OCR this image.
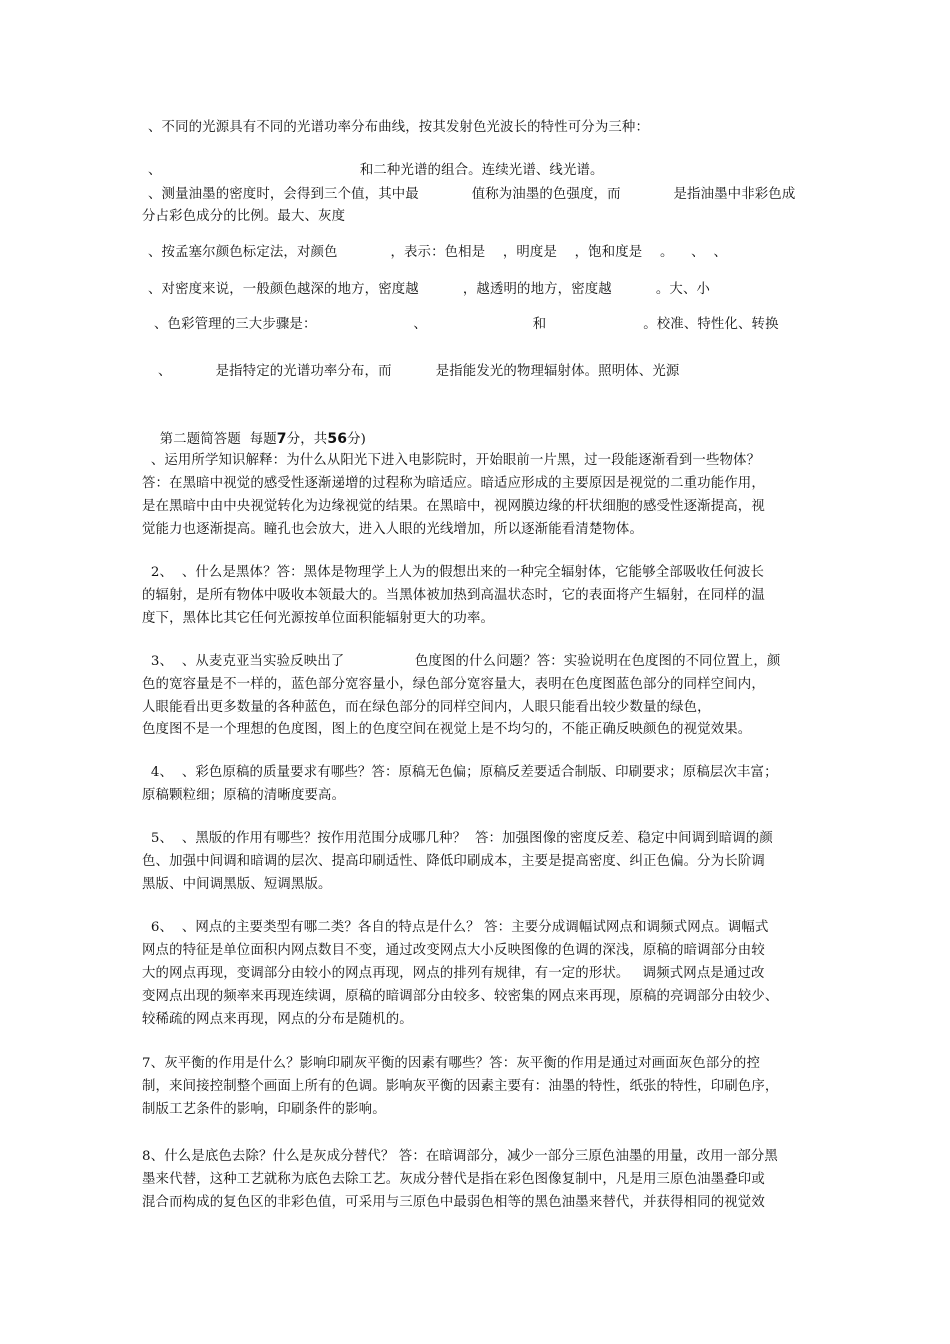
、不同的光源具有不同的光谱功率分布曲线，按其发射色光波长的特性可分为三种：
、                                             和二种光谱的组合。连续光谱、线光谱。
、测量油墨的密度时，会得到三个值，其中最            值称为油墨的色强度，而            是指油墨中非彩色成
分占彩色成分的比例。最大、灰度
、按孟塞尔颜色标定法，对颜色            ，表示：色相是    ，明度是    ，饱和度是    。    、  、
、对密度来说，一般颜色越深的地方，密度越          ，越透明的地方，密度越          。大、小
、色彩管理的三大步骤是：                      、                        和                      。校准、特性化、转换
、          是指特定的光谱功率分布，而          是指能发光的物理辐射体。照明体、光源

第二题简答题  每题7分，共56分)

、运用所学知识解释：为什么从阳光下进入电影院时，开始眼前一片黑，过一段能逐渐看到一些物体？
答：在黑暗中视觉的感受性逐渐递增的过程称为暗适应。暗适应形成的主要原因是视觉的二重功能作用，
是在黑暗中由中央视觉转化为边缘视觉的结果。在黑暗中，视网膜边缘的杆状细胞的感受性逐渐提高，视
觉能力也逐渐提高。瞳孔也会放大，进入人眼的光线增加，所以逐渐能看清楚物体。
2、  、什么是黑体？答：黑体是物理学上人为的假想出来的一种完全辐射体，它能够全部吸收任何波长
的辐射，是所有物体中吸收本领最大的。当黑体被加热到高温状态时，它的表面将产生辐射，在同样的温
度下，黑体比其它任何光源按单位面积能辐射更大的功率。
3、  、从麦克亚当实验反映出了                色度图的什么问题？答：实验说明在色度图的不同位置上，颜
色的宽容量是不一样的，蓝色部分宽容量小，绿色部分宽容量大，表明在色度图蓝色部分的同样空间内，
人眼能看出更多数量的各种蓝色，而在绿色部分的同样空间内，人眼只能看出较少数量的绿色，
色度图不是一个理想的色度图，图上的色度空间在视觉上是不均匀的，不能正确反映颜色的视觉效果。
4、  、彩色原稿的质量要求有哪些？答：原稿无色偏；原稿反差要适合制版、印刷要求；原稿层次丰富；
原稿颗粒细；原稿的清晰度要高。
5、  、黑版的作用有哪些？按作用范围分成哪几种？  答：加强图像的密度反差、稳定中间调到暗调的颜
色、加强中间调和暗调的层次、提高印刷适性、降低印刷成本，主要是提高密度、纠正色偏。分为长阶调
黑版、中间调黑版、短调黑版。
6、  、网点的主要类型有哪二类？各自的特点是什么？ 答：主要分成调幅试网点和调频式网点。调幅式
网点的特征是单位面积内网点数目不变，通过改变网点大小反映图像的色调的深浅，原稿的暗调部分由较
大的网点再现，变调部分由较小的网点再现，网点的排列有规律，有一定的形状。   调频式网点是通过改
变网点出现的频率来再现连续调，原稿的暗调部分由较多、较密集的网点来再现，原稿的亮调部分由较少、
较稀疏的网点来再现，网点的分布是随机的。
7、灰平衡的作用是什么？影响印刷灰平衡的因素有哪些？答：灰平衡的作用是通过对画面灰色部分的控
制，来间接控制整个画面上所有的色调。影响灰平衡的因素主要有：油墨的特性，纸张的特性，印刷色序，
制版工艺条件的影响，印刷条件的影响。
8、什么是底色去除？什么是灰成分替代？ 答：在暗调部分，减少一部分三原色油墨的用量，改用一部分黑
墨来代替，这种工艺就称为底色去除工艺。灰成分替代是指在彩色图像复制中，凡是用三原色油墨叠印或
混合而构成的复色区的非彩色值，可采用与三原色中最弱色相等的黑色油墨来替代，并获得相同的视觉效
